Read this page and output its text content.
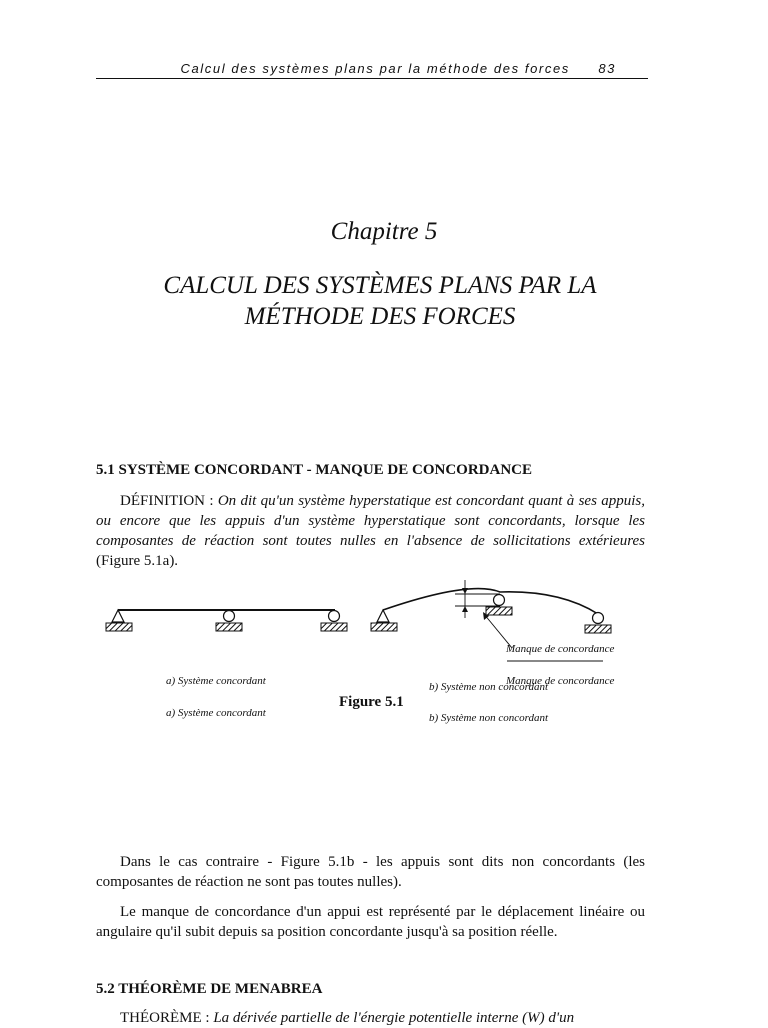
Calcul des systèmes plans par la méthode des forces 83
Chapitre 5
CALCUL DES SYSTÈMES PLANS PAR LA
MÉTHODE DES FORCES
5.1 SYSTÈME CONCORDANT - MANQUE DE CONCORDANCE

DÉFINITION : On dit qu'un système hyperstatique est concordant quant à ses appuis, ou encore que les appuis d'un système hyperstatique sont concordants, lorsque les composantes de réaction sont toutes nulles en l'absence de sollicitations extérieures (Figure 5.1a).

Manque de concordance
Manque de concordance
a) Système concordant	b) Système non concordant
a) Système concordant	b) Système non concordant
Figure 5.1

Dans le cas contraire - Figure 5.1b - les appuis sont dits non concordants (les composantes de réaction ne sont pas toutes nulles).

Le manque de concordance d'un appui est représenté par le déplacement linéaire ou angulaire qu'il subit depuis sa position concordante jusqu'à sa position réelle.

5.2 THÉORÈME DE MENABREA

THÉORÈME : La dérivée partielle de l'énergie potentielle interne (W) d'un
